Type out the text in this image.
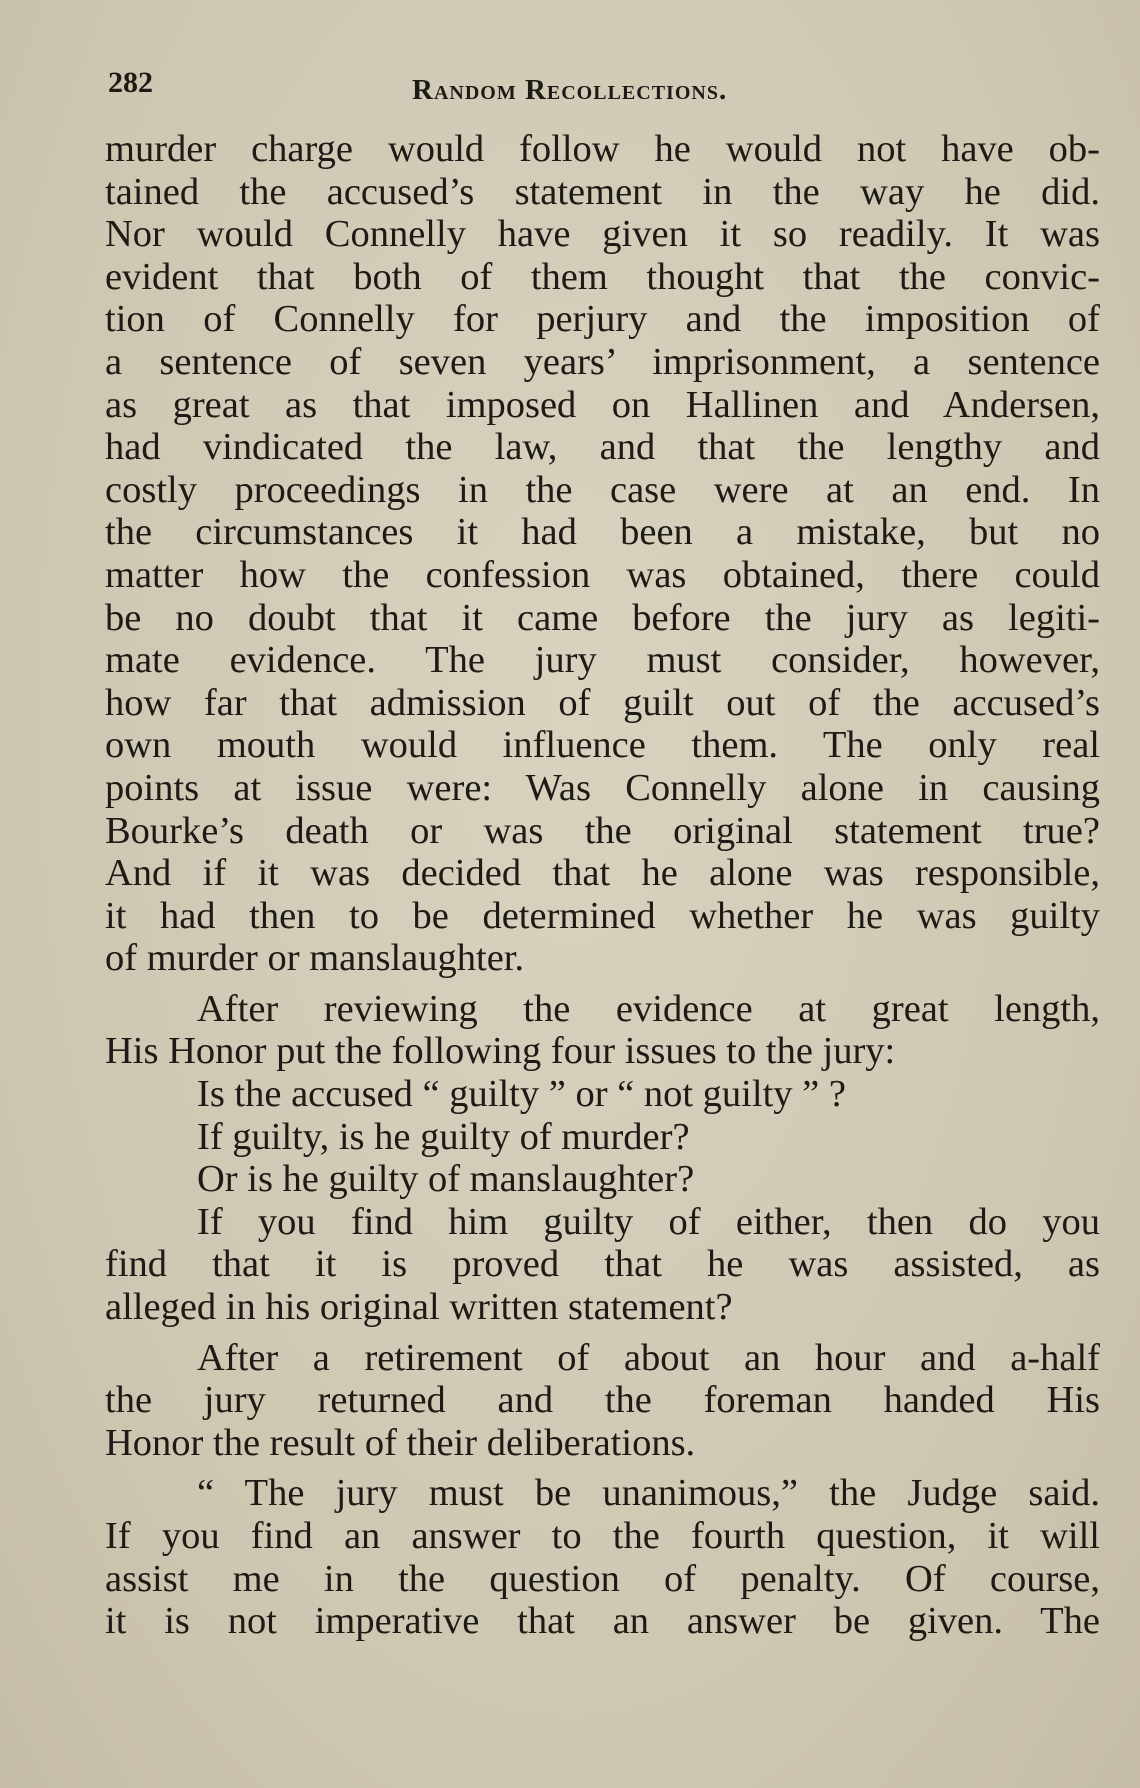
282	Random Recollections.
murder charge would follow he would not have ob-
tained the accused’s statement in the way he did.
Nor would Connelly have given it so readily. It was
evident that both of them thought that the convic-
tion of Connelly for perjury and the imposition of
a sentence of seven years’ imprisonment, a sentence
as great as that imposed on Hallinen and Andersen,
had vindicated the law, and that the lengthy and
costly proceedings in the case were at an end. In
the circumstances it had been a mistake, but no
matter how the confession was obtained, there could
be no doubt that it came before the jury as legiti-
mate evidence. The jury must consider, however,
how far that admission of guilt out of the accused’s
own mouth would influence them. The only real
points at issue were: Was Connelly alone in causing
Bourke’s death or was the original statement true?
And if it was decided that he alone was responsible,
it had then to be determined whether he was guilty
of murder or manslaughter.
After reviewing the evidence at great length,
His Honor put the following four issues to the jury:
Is the accused “ guilty ” or “ not guilty ” ?
If guilty, is he guilty of murder?
Or is he guilty of manslaughter?
If you find him guilty of either, then do you
find that it is proved that he was assisted, as
alleged in his original written statement?
After a retirement of about an hour and a-half
the jury returned and the foreman handed His
Honor the result of their deliberations.
“ The jury must be unanimous,” the Judge said.
If you find an answer to the fourth question, it will
assist me in the question of penalty. Of course,
it is not imperative that an answer be given. The
